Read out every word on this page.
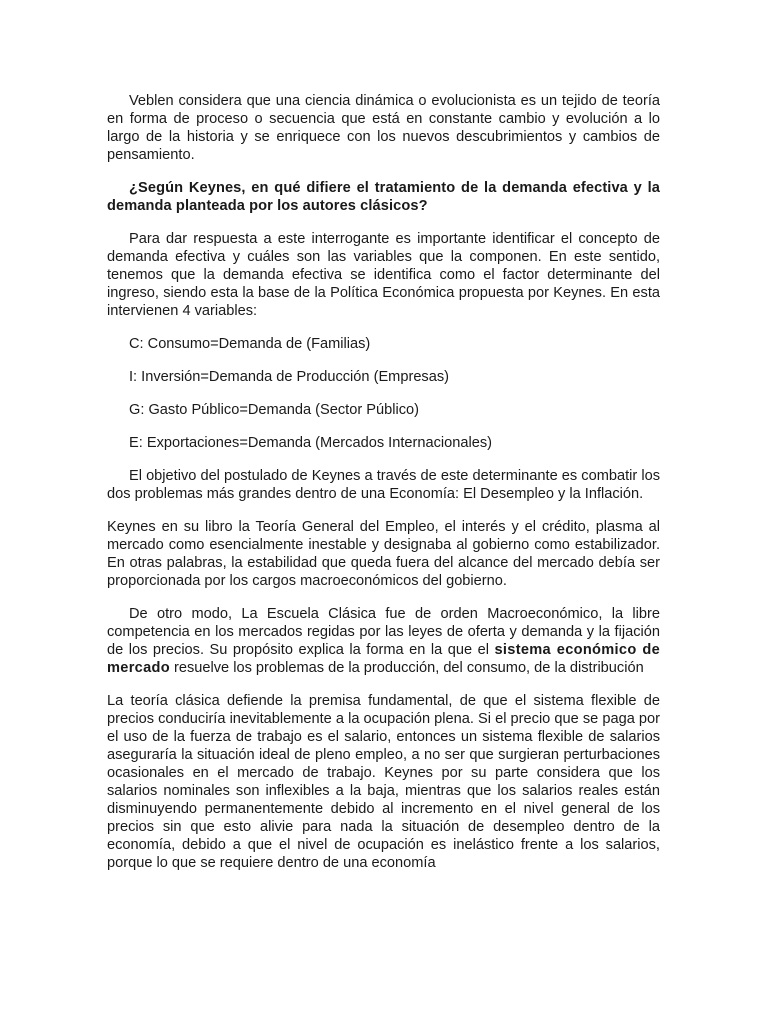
Veblen considera que una ciencia dinámica o evolucionista es un tejido de teoría en forma de proceso o secuencia que está en constante cambio y evolución a lo largo de la historia y se enriquece con los nuevos descubrimientos y cambios de pensamiento.

¿Según Keynes, en qué difiere el tratamiento de la demanda efectiva y la demanda planteada por los autores clásicos?

Para dar respuesta a este interrogante es importante identificar el concepto de demanda efectiva y cuáles son las variables que la componen. En este sentido, tenemos que la demanda efectiva se identifica como el factor determinante del ingreso, siendo esta la base de la Política Económica propuesta por Keynes. En esta intervienen 4 variables:

C: Consumo=Demanda de (Familias)

I: Inversión=Demanda de Producción (Empresas)

G: Gasto Público=Demanda (Sector Público)

E: Exportaciones=Demanda (Mercados Internacionales)

El objetivo del postulado de Keynes a través de este determinante es combatir los dos problemas más grandes dentro de una Economía: El Desempleo y la Inflación.

Keynes en su libro la Teoría General del Empleo, el interés y el crédito, plasma al mercado como esencialmente inestable y designaba al gobierno como estabilizador. En otras palabras, la estabilidad que queda fuera del alcance del mercado debía ser proporcionada por los cargos macroeconómicos del gobierno.

De otro modo, La Escuela Clásica fue de orden Macroeconómico, la libre competencia en los mercados regidas por las leyes de oferta y demanda y la fijación de los precios. Su propósito explica la forma en la que el sistema económico de mercado resuelve los problemas de la producción, del consumo, de la distribución

La teoría clásica defiende la premisa fundamental, de que el sistema flexible de precios conduciría inevitablemente a la ocupación plena. Si el precio que se paga por el uso de la fuerza de trabajo es el salario, entonces un sistema flexible de salarios aseguraría la situación ideal de pleno empleo, a no ser que surgieran perturbaciones ocasionales en el mercado de trabajo. Keynes por su parte considera que los salarios nominales son inflexibles a la baja, mientras que los salarios reales están disminuyendo permanentemente debido al incremento en el nivel general de los precios sin que esto alivie para nada la situación de desempleo dentro de la economía, debido a que el nivel de ocupación es inelástico frente a los salarios, porque lo que se requiere dentro de una economía
